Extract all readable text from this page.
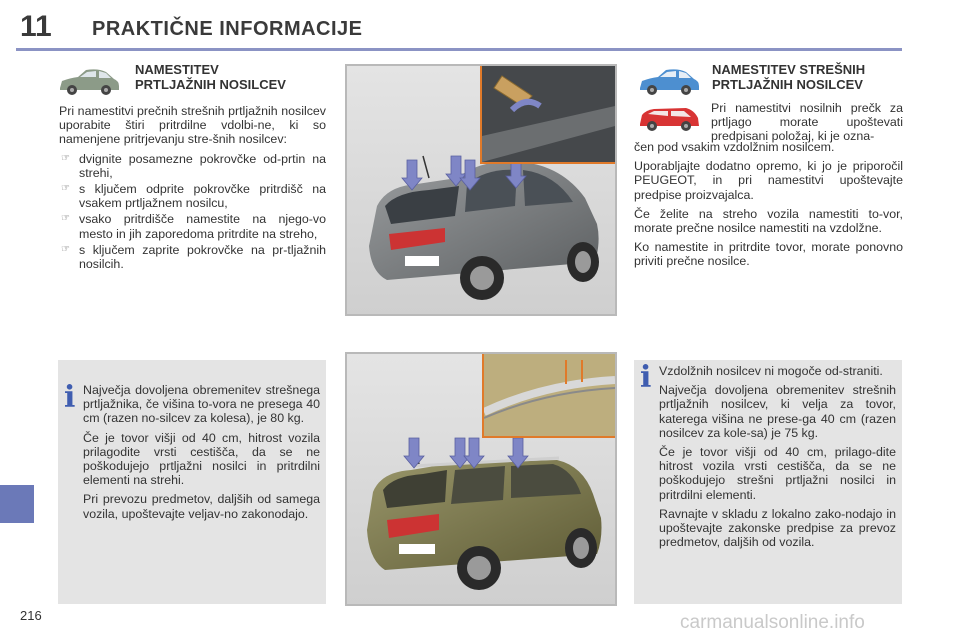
11 PRAKTIČNE INFORMACIJE
NAMESTITEV
PRTLJAŽNIH NOSILCEV

Pri namestitvi prečnih strešnih prtljažnih nosilcev uporabite štiri pritrdilne vdolbi-ne, ki so namenjene pritrjevanju stre-šnih nosilcev:

☞ dvignite posamezne pokrovčke od-prtin na strehi,
☞ s ključem odprite pokrovčke pritrdišč na vsakem prtljažnem nosilcu,
☞ vsako pritrdišče namestite na njego-vo mesto in jih zaporedoma pritrdite na streho,
☞ s ključem zaprite pokrovčke na pr-tljažnih nosilcih.
i Največja dovoljena obremenitev strešnega prtljažnika, če višina to-vora ne presega 40 cm (razen no-silcev za kolesa), je 80 kg.

Če je tovor višji od 40 cm, hitrost vozila prilagodite vrsti cestišča, da se ne poškodujejo prtljažni nosilci in pritrdilni elementi na strehi.

Pri prevozu predmetov, daljših od samega vozila, upoštevajte veljav-no zakonodajo.

NAMESTITEV STREŠNIH
PRTLJAŽNIH NOSILCEV

Pri namestitvi nosilnih prečk za prtljago morate upoštevati predpisani položaj, ki je ozna-

čen pod vsakim vzdolžnim nosilcem.

Uporabljajte dodatno opremo, ki jo je priporočil PEUGEOT, in pri namestitvi upoštevajte predpise proizvajalca.

Če želite na streho vozila namestiti to-vor, morate prečne nosilce namestiti na vzdolžne.

Ko namestite in pritrdite tovor, morate ponovno priviti prečne nosilce.

i Vzdolžnih nosilcev ni mogoče od-straniti.

Največja dovoljena obremenitev strešnih prtljažnih nosilcev, ki velja za tovor, katerega višina ne prese-ga 40 cm (razen nosilcev za kole-sa) je 75 kg.

Če je tovor višji od 40 cm, prilago-dite hitrost vozila vrsti cestišča, da se ne poškodujejo strešni prtljažni nosilci in pritrdilni elementi.

Ravnajte v skladu z lokalno zako-nodajo in upoštevajte zakonske predpise za prevoz predmetov, daljših od vozila.

216	carmanualsonline.info
